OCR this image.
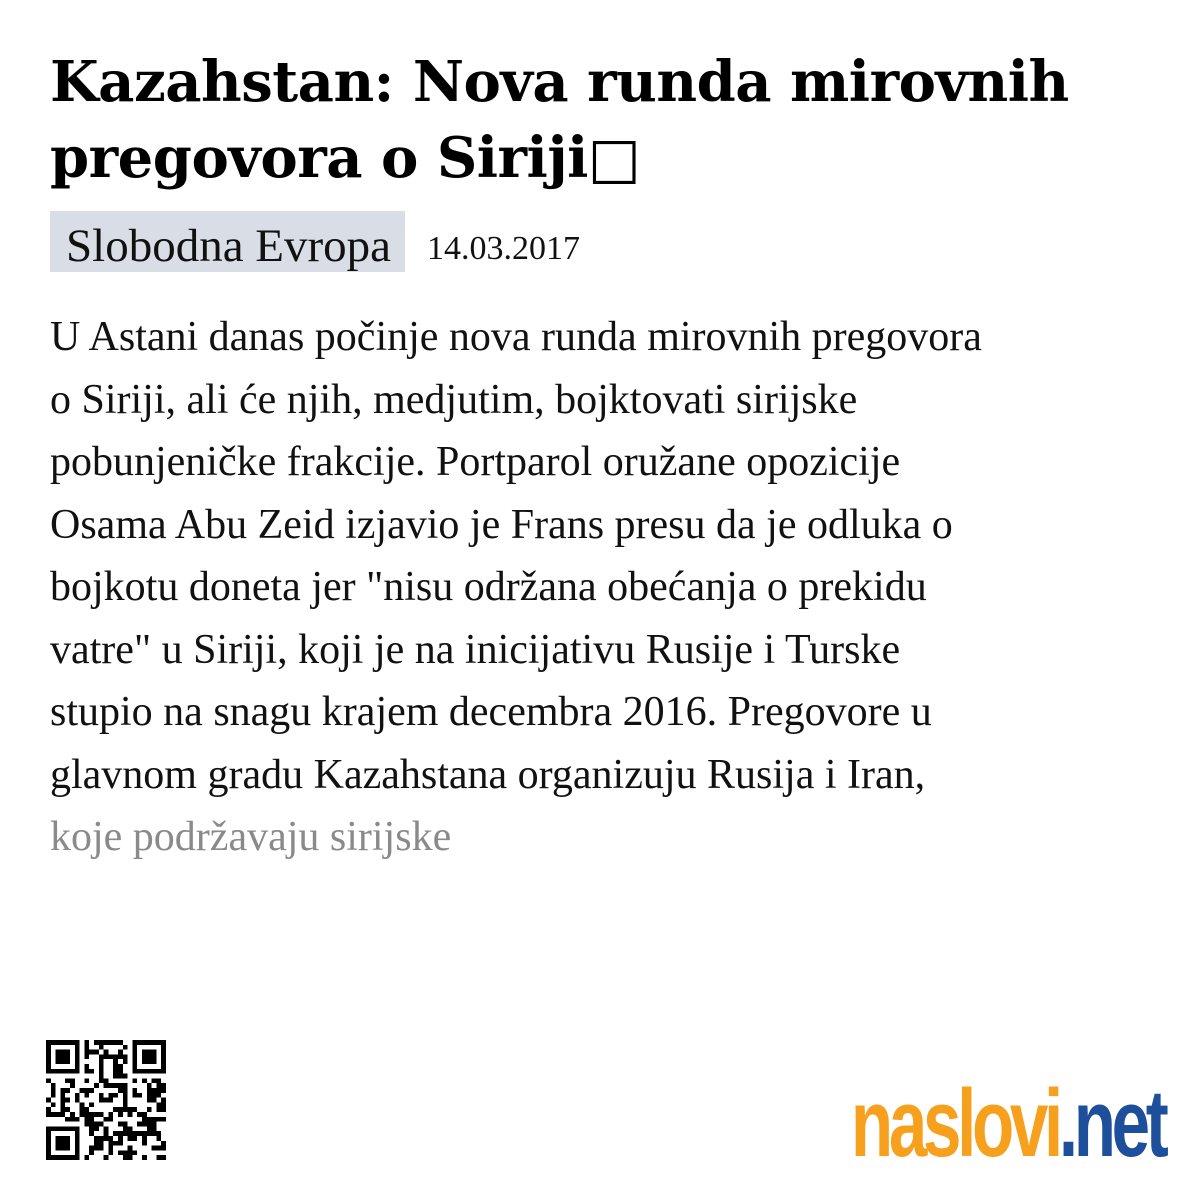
Kazahstan: Nova runda mirovnih pregovora o Siriji□
Slobodna Evropa	14.03.2017
U Astani danas počinje nova runda mirovnih pregovora
o Siriji, ali će njih, medjutim, bojktovati sirijske
pobunjeničke frakcije. Portparol oružane opozicije
Osama Abu Zeid izjavio je Frans presu da je odluka o
bojkotu doneta jer "nisu održana obećanja o prekidu
vatre" u Siriji, koji je na inicijativu Rusije i Turske
stupio na snagu krajem decembra 2016. Pregovore u
glavnom gradu Kazahstana organizuju Rusija i Iran,
koje podržavaju sirijske
naslovi .net
